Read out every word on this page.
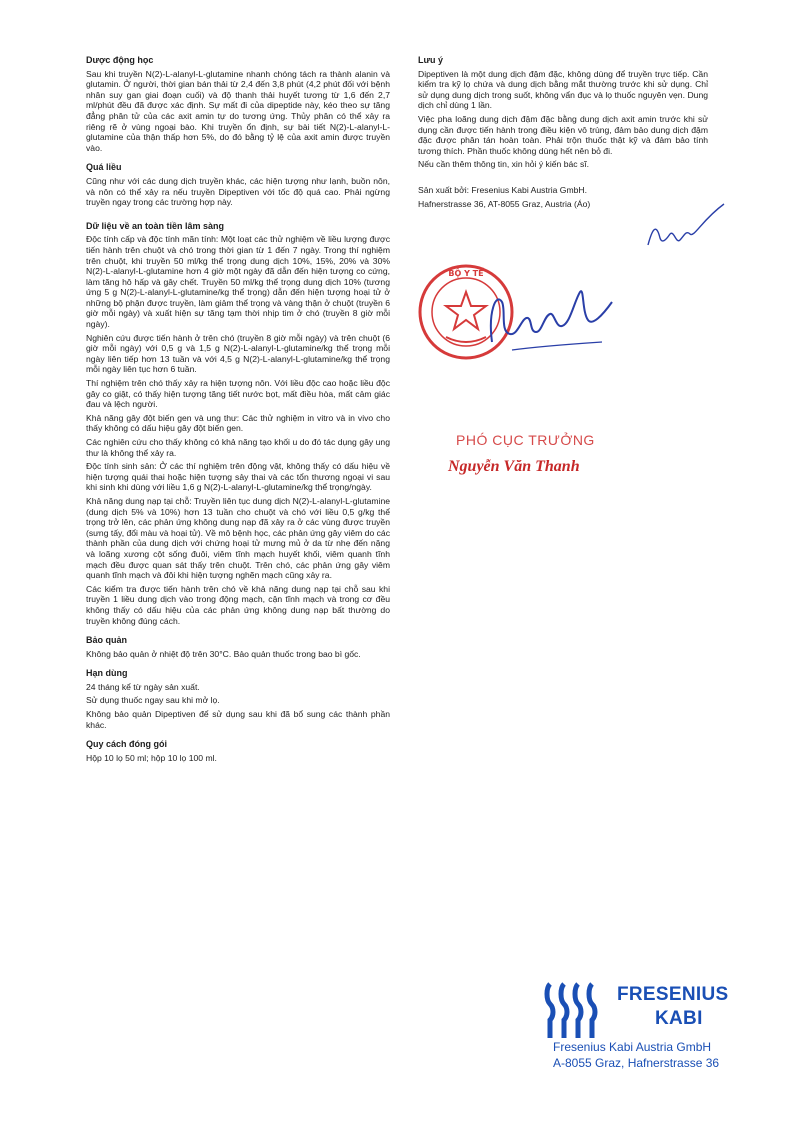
Dược động học
Sau khi truyền N(2)-L-alanyl-L-glutamine nhanh chóng tách ra thành alanin và glutamin. Ở người, thời gian bán thải từ 2,4 đến 3,8 phút (4,2 phút đối với bệnh nhân suy gan giai đoạn cuối) và độ thanh thải huyết tương từ 1,6 đến 2,7 ml/phút đều đã được xác định. Sự mất đi của dipeptide này, kéo theo sự tăng đẳng phân tử của các axit amin tự do tương ứng. Thủy phân có thể xảy ra riêng rẽ ở vùng ngoại bào. Khi truyền ổn định, sự bài tiết N(2)-L-alanyl-L-glutamine của thận thấp hơn 5%, do đó bằng tỷ lệ của axit amin được truyền vào.
Quá liều
Cũng như với các dung dịch truyền khác, các hiện tượng như lạnh, buồn nôn, và nôn có thể xảy ra nếu truyền Dipeptiven với tốc độ quá cao. Phải ngừng truyền ngay trong các trường hợp này.
Dữ liệu về an toàn tiền lâm sàng
Độc tính cấp và độc tính mãn tính: Một loạt các thử nghiệm về liều lượng được tiến hành trên chuột và chó trong thời gian từ 1 đến 7 ngày. Trong thí nghiệm trên chuột, khi truyền 50 ml/kg thể trọng dung dịch 10%, 15%, 20% và 30% N(2)-L-alanyl-L-glutamine hơn 4 giờ một ngày đã dẫn đến hiện tượng co cứng, làm tăng hô hấp và gây chết. Truyền 50 ml/kg thể trọng dung dịch 10% (tương ứng 5 g N(2)-L-alanyl-L-glutamine/kg thể trọng) dẫn đến hiện tượng hoại tử ở những bộ phận được truyền, làm giảm thể trọng và vàng thận ở chuột (truyền 6 giờ mỗi ngày) và xuất hiện sự tăng tạm thời nhịp tim ở chó (truyền 8 giờ mỗi ngày).
Nghiên cứu được tiến hành ở trên chó (truyền 8 giờ mỗi ngày) và trên chuột (6 giờ mỗi ngày) với 0,5 g và 1,5 g N(2)-L-alanyl-L-glutamine/kg thể trọng mỗi ngày liên tiếp hơn 13 tuần và với 4,5 g N(2)-L-alanyl-L-glutamine/kg thể trọng mỗi ngày liên tục hơn 6 tuần.
Thí nghiệm trên chó thấy xảy ra hiện tượng nôn. Với liều độc cao hoặc liều độc gây co giật, có thấy hiện tượng tăng tiết nước bọt, mất điều hòa, mất cảm giác đau và lệch người.
Khả năng gây đột biến gen và ung thư: Các thử nghiệm in vitro và in vivo cho thấy không có dấu hiệu gây đột biến gen.
Các nghiên cứu cho thấy không có khả năng tạo khối u do đó tác dụng gây ung thư là không thể xảy ra.
Độc tính sinh sản: Ở các thí nghiệm trên động vật, không thấy có dấu hiệu về hiện tượng quái thai hoặc hiện tượng sảy thai và các tổn thương ngoại vi sau khi sinh khi dùng với liều 1,6 g N(2)-L-alanyl-L-glutamine/kg thể trọng/ngày.
Khả năng dung nạp tại chỗ: Truyền liên tục dung dịch N(2)-L-alanyl-L-glutamine (dung dịch 5% và 10%) hơn 13 tuần cho chuột và chó với liều 0,5 g/kg thể trọng trở lên, các phản ứng không dung nạp đã xảy ra ở các vùng được truyền (sưng tấy, đổi màu và hoại tử). Về mô bệnh học, các phản ứng gây viêm do các thành phần của dung dịch với chứng hoại tử mưng mủ ở da từ nhẹ đến nặng và loãng xương cột sống đuôi, viêm tĩnh mạch huyết khối, viêm quanh tĩnh mạch đều được quan sát thấy trên chuột. Trên chó, các phản ứng gây viêm quanh tĩnh mạch và đôi khi hiện tượng nghẽn mạch cũng xảy ra.
Các kiểm tra được tiến hành trên chó về khả năng dung nạp tại chỗ sau khi truyền 1 liều dung dịch vào trong động mạch, cận tĩnh mạch và trong cơ đều không thấy có dấu hiệu của các phản ứng không dung nạp bất thường do truyền không đúng cách.
Bảo quản
Không bảo quản ở nhiệt độ trên 30°C. Bảo quản thuốc trong bao bì gốc.
Hạn dùng
24 tháng kể từ ngày sản xuất.
Sử dụng thuốc ngay sau khi mở lọ.
Không bảo quản Dipeptiven để sử dụng sau khi đã bổ sung các thành phần khác.
Quy cách đóng gói
Hộp 10 lọ 50 ml; hộp 10 lọ 100 ml.
Lưu ý
Dipeptiven là một dung dịch đậm đặc, không dùng để truyền trực tiếp. Cần kiểm tra kỹ lọ chứa và dung dịch bằng mắt thường trước khi sử dụng. Chỉ sử dụng dung dịch trong suốt, không vẩn đục và lọ thuốc nguyên vẹn. Dung dịch chỉ dùng 1 lần.
Việc pha loãng dung dịch đậm đặc bằng dung dịch axit amin trước khi sử dụng cần được tiến hành trong điều kiện vô trùng, đảm bảo dung dịch đậm đặc được phân tán hoàn toàn. Phải trộn thuốc thật kỹ và đảm bảo tính tương thích. Phần thuốc không dùng hết nên bỏ đi.
Nếu cần thêm thông tin, xin hỏi ý kiến bác sĩ.
Sản xuất bởi: Fresenius Kabi Austria GmbH.
Hafnerstrasse 36, AT-8055 Graz, Austria (Áo)
BỘ Y TẾ
PHÓ CỤC TRƯỞNG
Nguyễn Văn Thanh
FRESENIUS
KABI
Fresenius Kabi Austria GmbH
A-8055 Graz, Hafnerstrasse 36
